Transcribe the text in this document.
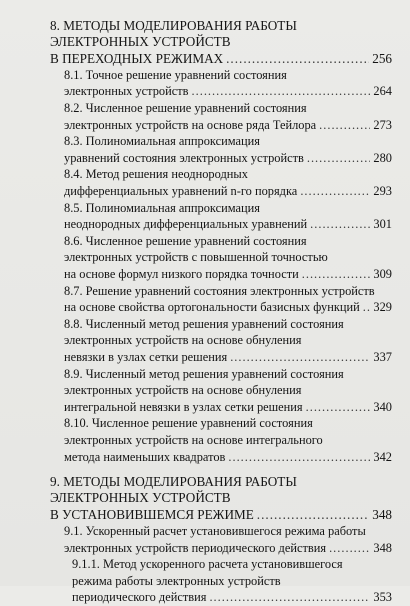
8. МЕТОДЫ МОДЕЛИРОВАНИЯ РАБОТЫ
ЭЛЕКТРОННЫХ УСТРОЙСТВ
В ПЕРЕХОДНЫХ РЕЖИМАХ .....	256
8.1. Точное решение уравнений состояния
электронных устройств .....	264
8.2. Численное решение уравнений состояния
электронных устройств на основе ряда Тейлора .....	273
8.3. Полиномиальная аппроксимация
уравнений состояния электронных устройств .....	280
8.4. Метод решения неоднородных
дифференциальных уравнений n-го порядка .....	293
8.5. Полиномиальная аппроксимация
неоднородных дифференциальных уравнений .....	301
8.6. Численное решение уравнений состояния
электронных устройств с повышенной точностью
на основе формул низкого порядка точности .....	309
8.7. Решение уравнений состояния электронных устройств
на основе свойства ортогональности базисных функций ..... 329
8.8. Численный метод решения уравнений состояния
электронных устройств на основе обнуления
невязки в узлах сетки решения .....	337
8.9. Численный метод решения уравнений состояния
электронных устройств на основе обнуления
интегральной невязки в узлах сетки решения .....	340
8.10. Численное решение уравнений состояния
электронных устройств на основе интегрального
метода наименьших квадратов .....	342
9. МЕТОДЫ МОДЕЛИРОВАНИЯ РАБОТЫ
ЭЛЕКТРОННЫХ УСТРОЙСТВ
В УСТАНОВИВШЕМСЯ РЕЖИМЕ .....	348
9.1. Ускоренный расчет установившегося режима работы
электронных устройств периодического действия .....	348
9.1.1. Метод ускоренного расчета установившегося
режима работы электронных устройств
периодического действия .....	353
